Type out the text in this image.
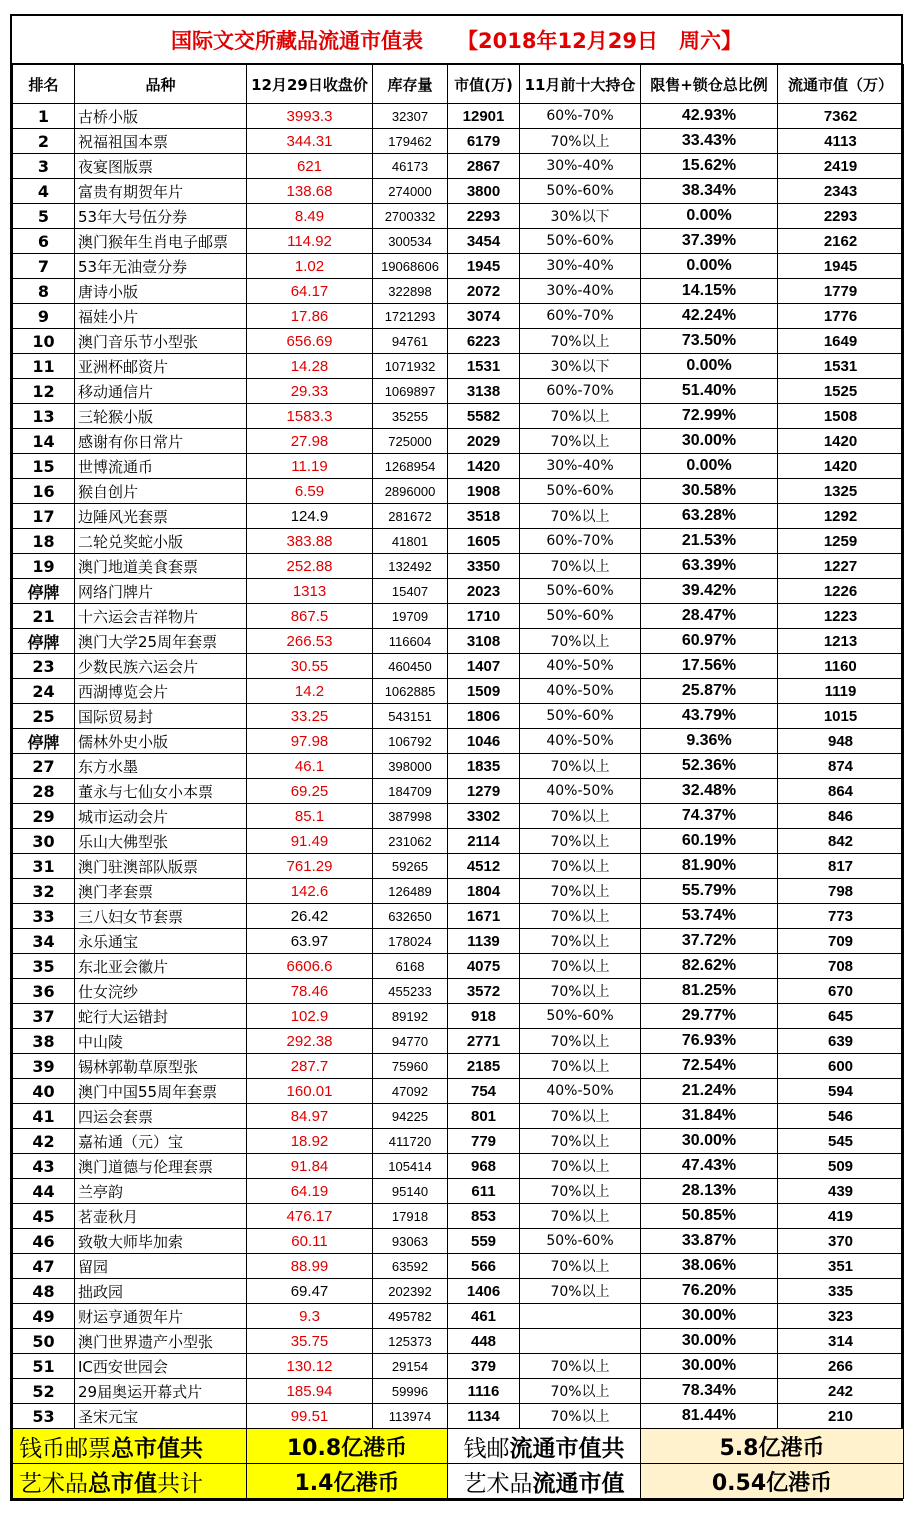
国际文交所藏品流通市值表 【2018年12月29日　周六】
排名	品种	12月29日收盘价	库存量	市值(万)	11月前十大持仓	限售+锁仓总比例	流通市值（万）
1	古桥小版	3993.3	32307	12901	60%-70%	42.93%	7362
2	祝福祖国本票	344.31	179462	6179	70%以上	33.43%	4113
3	夜宴图版票	621	46173	2867	30%-40%	15.62%	2419
4	富贵有期贺年片	138.68	274000	3800	50%-60%	38.34%	2343
5	53年大号伍分券	8.49	2700332	2293	30%以下	0.00%	2293
6	澳门猴年生肖电子邮票	114.92	300534	3454	50%-60%	37.39%	2162
7	53年无油壹分券	1.02	19068606	1945	30%-40%	0.00%	1945
8	唐诗小版	64.17	322898	2072	30%-40%	14.15%	1779
9	福娃小片	17.86	1721293	3074	60%-70%	42.24%	1776
10	澳门音乐节小型张	656.69	94761	6223	70%以上	73.50%	1649
11	亚洲杯邮资片	14.28	1071932	1531	30%以下	0.00%	1531
12	移动通信片	29.33	1069897	3138	60%-70%	51.40%	1525
13	三轮猴小版	1583.3	35255	5582	70%以上	72.99%	1508
14	感谢有你日常片	27.98	725000	2029	70%以上	30.00%	1420
15	世博流通币	11.19	1268954	1420	30%-40%	0.00%	1420
16	猴自创片	6.59	2896000	1908	50%-60%	30.58%	1325
17	边陲风光套票	124.9	281672	3518	70%以上	63.28%	1292
18	二轮兑奖蛇小版	383.88	41801	1605	60%-70%	21.53%	1259
19	澳门地道美食套票	252.88	132492	3350	70%以上	63.39%	1227
停牌	网络门牌片	1313	15407	2023	50%-60%	39.42%	1226
21	十六运会吉祥物片	867.5	19709	1710	50%-60%	28.47%	1223
停牌	澳门大学25周年套票	266.53	116604	3108	70%以上	60.97%	1213
23	少数民族六运会片	30.55	460450	1407	40%-50%	17.56%	1160
24	西湖博览会片	14.2	1062885	1509	40%-50%	25.87%	1119
25	国际贸易封	33.25	543151	1806	50%-60%	43.79%	1015
停牌	儒林外史小版	97.98	106792	1046	40%-50%	9.36%	948
27	东方水墨	46.1	398000	1835	70%以上	52.36%	874
28	董永与七仙女小本票	69.25	184709	1279	40%-50%	32.48%	864
29	城市运动会片	85.1	387998	3302	70%以上	74.37%	846
30	乐山大佛型张	91.49	231062	2114	70%以上	60.19%	842
31	澳门驻澳部队版票	761.29	59265	4512	70%以上	81.90%	817
32	澳门孝套票	142.6	126489	1804	70%以上	55.79%	798
33	三八妇女节套票	26.42	632650	1671	70%以上	53.74%	773
34	永乐通宝	63.97	178024	1139	70%以上	37.72%	709
35	东北亚会徽片	6606.6	6168	4075	70%以上	82.62%	708
36	仕女浣纱	78.46	455233	3572	70%以上	81.25%	670
37	蛇行大运错封	102.9	89192	918	50%-60%	29.77%	645
38	中山陵	292.38	94770	2771	70%以上	76.93%	639
39	锡林郭勒草原型张	287.7	75960	2185	70%以上	72.54%	600
40	澳门中国55周年套票	160.01	47092	754	40%-50%	21.24%	594
41	四运会套票	84.97	94225	801	70%以上	31.84%	546
42	嘉祐通（元）宝	18.92	411720	779	70%以上	30.00%	545
43	澳门道德与伦理套票	91.84	105414	968	70%以上	47.43%	509
44	兰亭韵	64.19	95140	611	70%以上	28.13%	439
45	茗壶秋月	476.17	17918	853	70%以上	50.85%	419
46	致敬大师毕加索	60.11	93063	559	50%-60%	33.87%	370
47	留园	88.99	63592	566	70%以上	38.06%	351
48	拙政园	69.47	202392	1406	70%以上	76.20%	335
49	财运亨通贺年片	9.3	495782	461		30.00%	323
50	澳门世界遗产小型张	35.75	125373	448		30.00%	314
51	IC西安世园会	130.12	29154	379	70%以上	30.00%	266
52	29届奥运开幕式片	185.94	59996	1116	70%以上	78.34%	242
53	圣宋元宝	99.51	113974	1134	70%以上	81.44%	210
钱币邮票总市值共		10.8亿港币		钱邮流通市值共		5.8亿港币	
艺术品总市值共计		1.4亿港币		艺术品流通市值		0.54亿港币	
